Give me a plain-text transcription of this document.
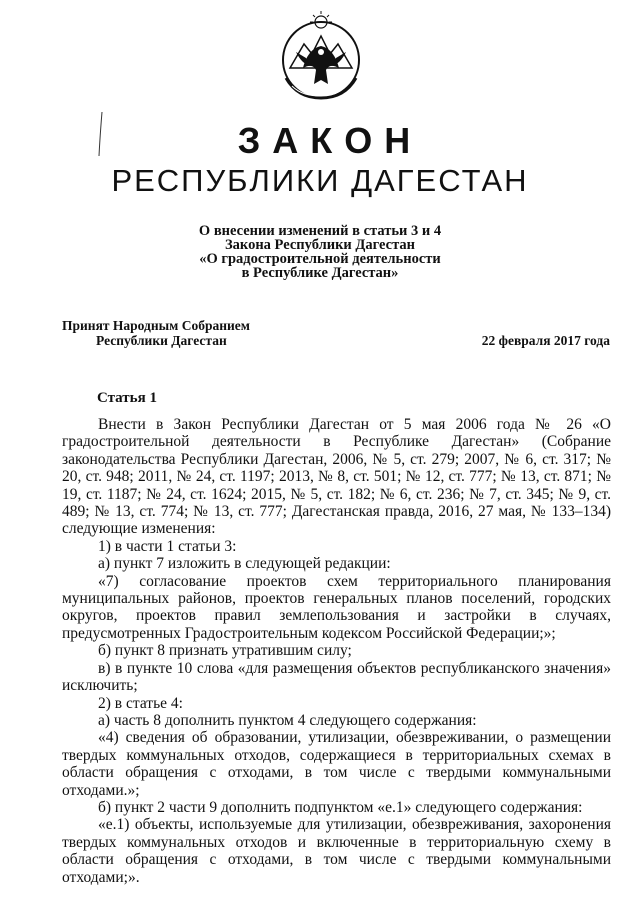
ЗАКОН
РЕСПУБЛИКИ ДАГЕСТАН
О внесении изменений в статьи 3 и 4
Закона Республики Дагестан
«О градостроительной деятельности
в Республике Дагестан»
Принят Народным Собранием
Республики Дагестан	22 февраля 2017 года
Статья 1

Внести в Закон Республики Дагестан от 5 мая 2006 года № 26 «О градостроительной деятельности в Республике Дагестан» (Собрание законодательства Республики Дагестан, 2006, № 5, ст. 279; 2007, № 6, ст. 317; № 20, ст. 948; 2011, № 24, ст. 1197; 2013, № 8, ст. 501; № 12, ст. 777; № 13, ст. 871; № 19, ст. 1187; № 24, ст. 1624; 2015, № 5, ст. 182; № 6, ст. 236; № 7, ст. 345; № 9, ст. 489; № 13, ст. 774; № 13, ст. 777; Дагестанская правда, 2016, 27 мая, № 133–134) следующие изменения:

1) в части 1 статьи 3:

а) пункт 7 изложить в следующей редакции:

«7) согласование проектов схем территориального планирования муниципальных районов, проектов генеральных планов поселений, городских округов, проектов правил землепользования и застройки в случаях, предусмотренных Градостроительным кодексом Российской Федерации;»;

б) пункт 8 признать утратившим силу;

в) в пункте 10 слова «для размещения объектов республиканского значения» исключить;

2) в статье 4:

а) часть 8 дополнить пунктом 4 следующего содержания:

«4) сведения об образовании, утилизации, обезвреживании, о размещении твердых коммунальных отходов, содержащиеся в территориальных схемах в области обращения с отходами, в том числе с твердыми коммунальными отходами.»;

б) пункт 2 части 9 дополнить подпунктом «е.1» следующего содержания:

«е.1) объекты, используемые для утилизации, обезвреживания, захоронения твердых коммунальных отходов и включенные в территориальную схему в области обращения с отходами, в том числе с твердыми коммунальными отходами;».
